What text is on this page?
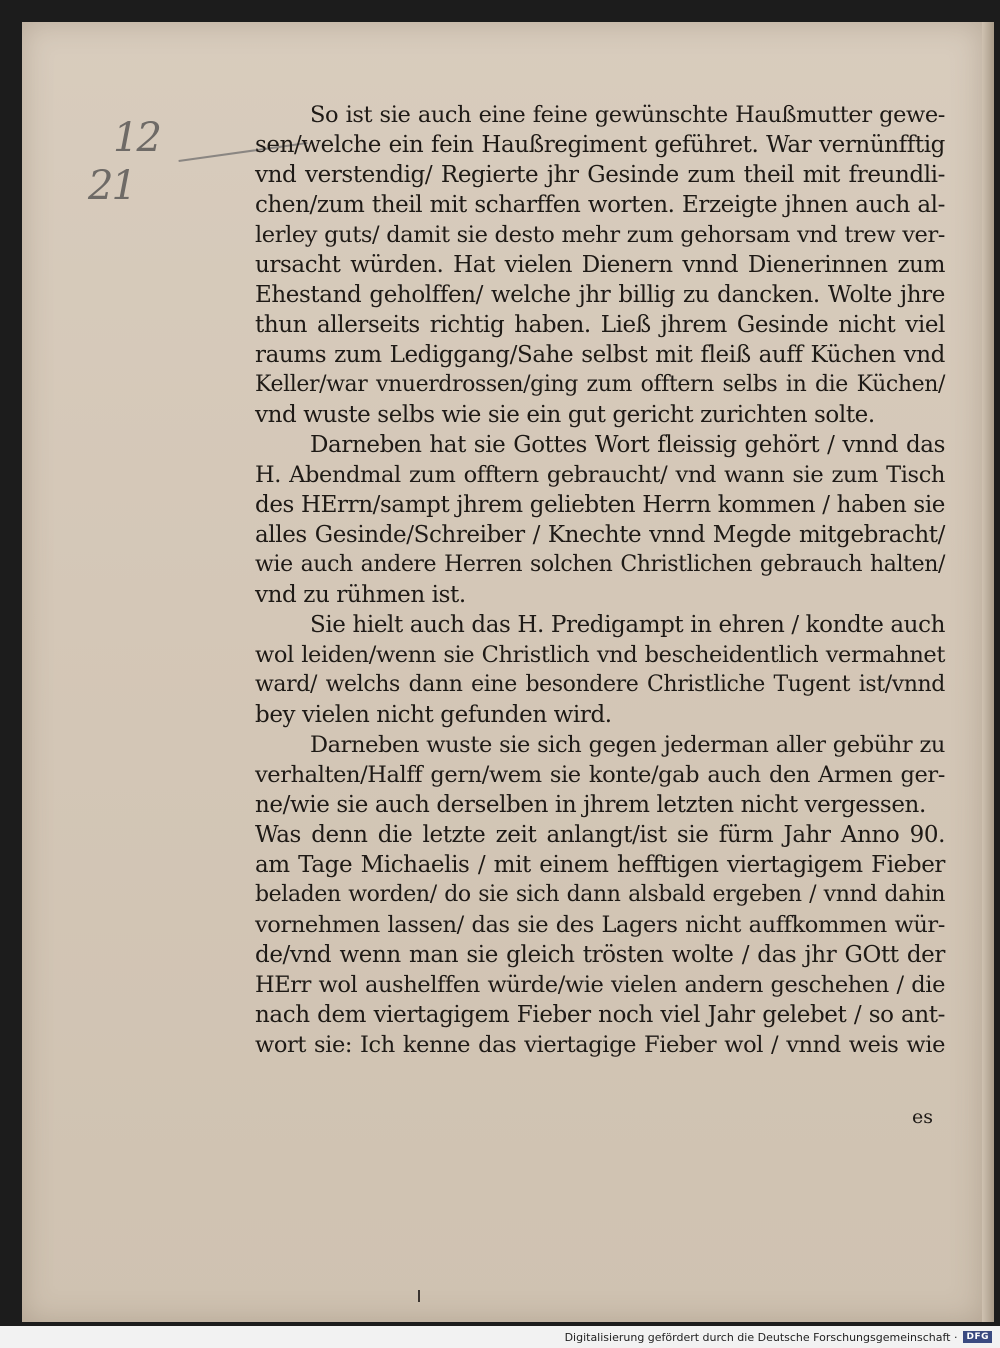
12
21
So ist sie auch eine feine gewünschte Haußmutter gewe-
sen/welche ein fein Haußregiment geführet. War vernünfftig
vnd verstendig/ Regierte jhr Gesinde zum theil mit freundli-
chen/zum theil mit scharffen worten. Erzeigte jhnen auch al-
lerley guts/ damit sie desto mehr zum gehorsam vnd trew ver-
ursacht würden. Hat vielen Dienern vnnd Dienerinnen zum
Ehestand geholffen/ welche jhr billig zu dancken. Wolte jhre
thun allerseits richtig haben. Ließ jhrem Gesinde nicht viel
raums zum Lediggang/Sahe selbst mit fleiß auff Küchen vnd
Keller/war vnuerdrossen/ging zum offtern selbs in die Küchen/
vnd wuste selbs wie sie ein gut gericht zurichten solte.
Darneben hat sie Gottes Wort fleissig gehört / vnnd das
H. Abendmal zum offtern gebraucht/ vnd wann sie zum Tisch
des HErrn/sampt jhrem geliebten Herrn kommen / haben sie
alles Gesinde/Schreiber / Knechte vnnd Megde mitgebracht/
wie auch andere Herren solchen Christlichen gebrauch halten/
vnd zu rühmen ist.
Sie hielt auch das H. Predigampt in ehren / kondte auch
wol leiden/wenn sie Christlich vnd bescheidentlich vermahnet
ward/ welchs dann eine besondere Christliche Tugent ist/vnnd
bey vielen nicht gefunden wird.
Darneben wuste sie sich gegen jederman aller gebühr zu
verhalten/Halff gern/wem sie konte/gab auch den Armen ger-
ne/wie sie auch derselben in jhrem letzten nicht vergessen.
Was denn die letzte zeit anlangt/ist sie fürm Jahr Anno 90.
am Tage Michaelis / mit einem hefftigen viertagigem Fieber
beladen worden/ do sie sich dann alsbald ergeben / vnnd dahin
vornehmen lassen/ das sie des Lagers nicht auffkommen wür-
de/vnd wenn man sie gleich trösten wolte / das jhr GOtt der
HErr wol aushelffen würde/wie vielen andern geschehen / die
nach dem viertagigem Fieber noch viel Jahr gelebet / so ant-
wort sie: Ich kenne das viertagige Fieber wol / vnnd weis wie
es
Digitalisierung gefördert durch die Deutsche Forschungsgemeinschaft ·	DFG
